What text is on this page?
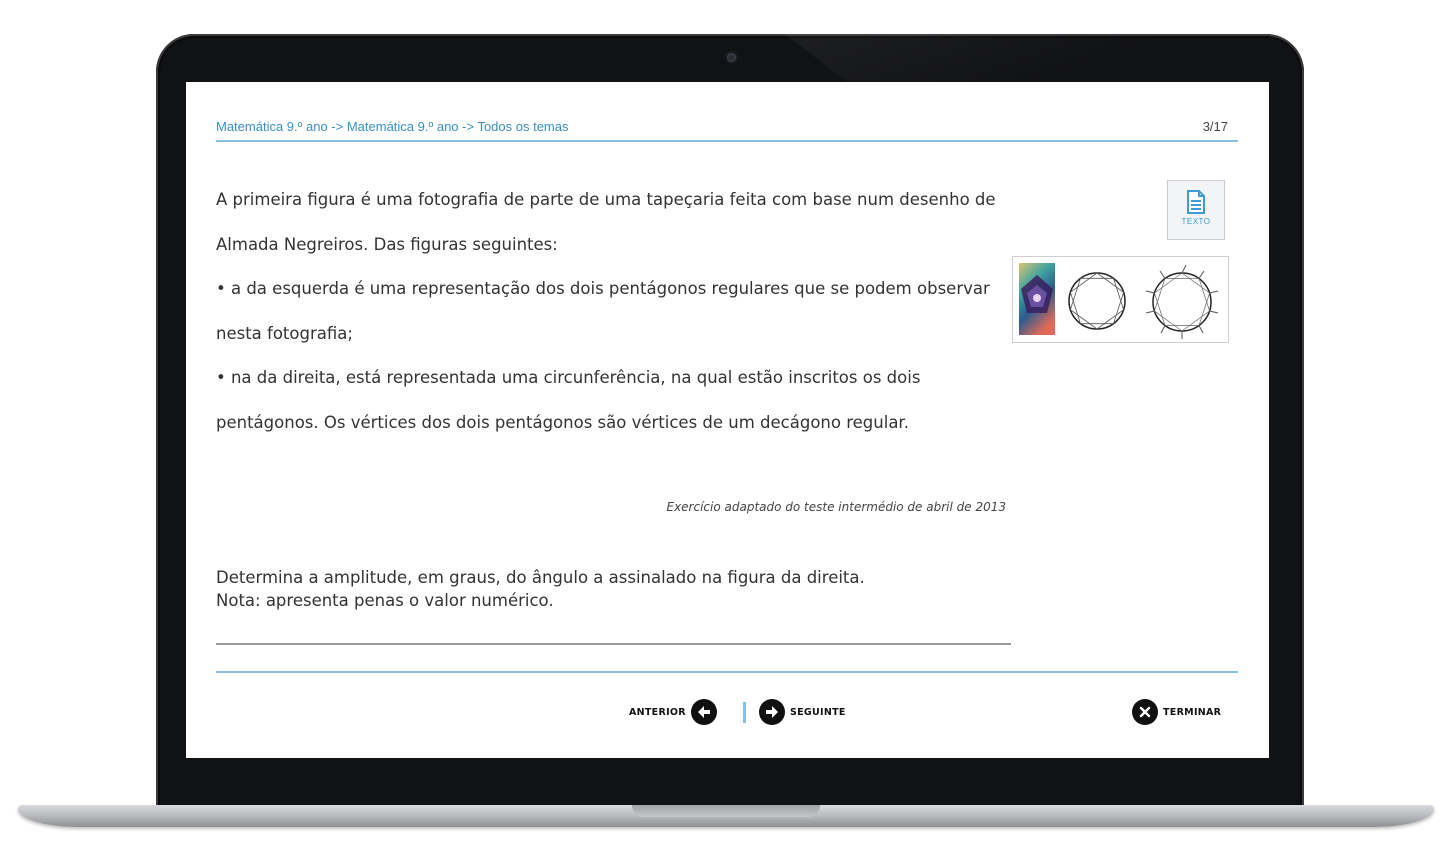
Matemática 9.º ano -> Matemática 9.º ano -> Todos os temas	3/17

A primeira figura é uma fotografia de parte de uma tapeçaria feita com base num desenho de Almada Negreiros. Das figuras seguintes:

• a da esquerda é uma representação dos dois pentágonos regulares que se podem observar nesta fotografia;

• na da direita, está representada uma circunferência, na qual estão inscritos os dois pentágonos. Os vértices dos dois pentágonos são vértices de um decágono regular.

Exercício adaptado do teste intermédio de abril de 2013
Determina a amplitude, em graus, do ângulo a assinalado na figura da direita.
Nota: apresenta penas o valor numérico.
TEXTO
ANTERIOR	SEGUINTE	TERMINAR
